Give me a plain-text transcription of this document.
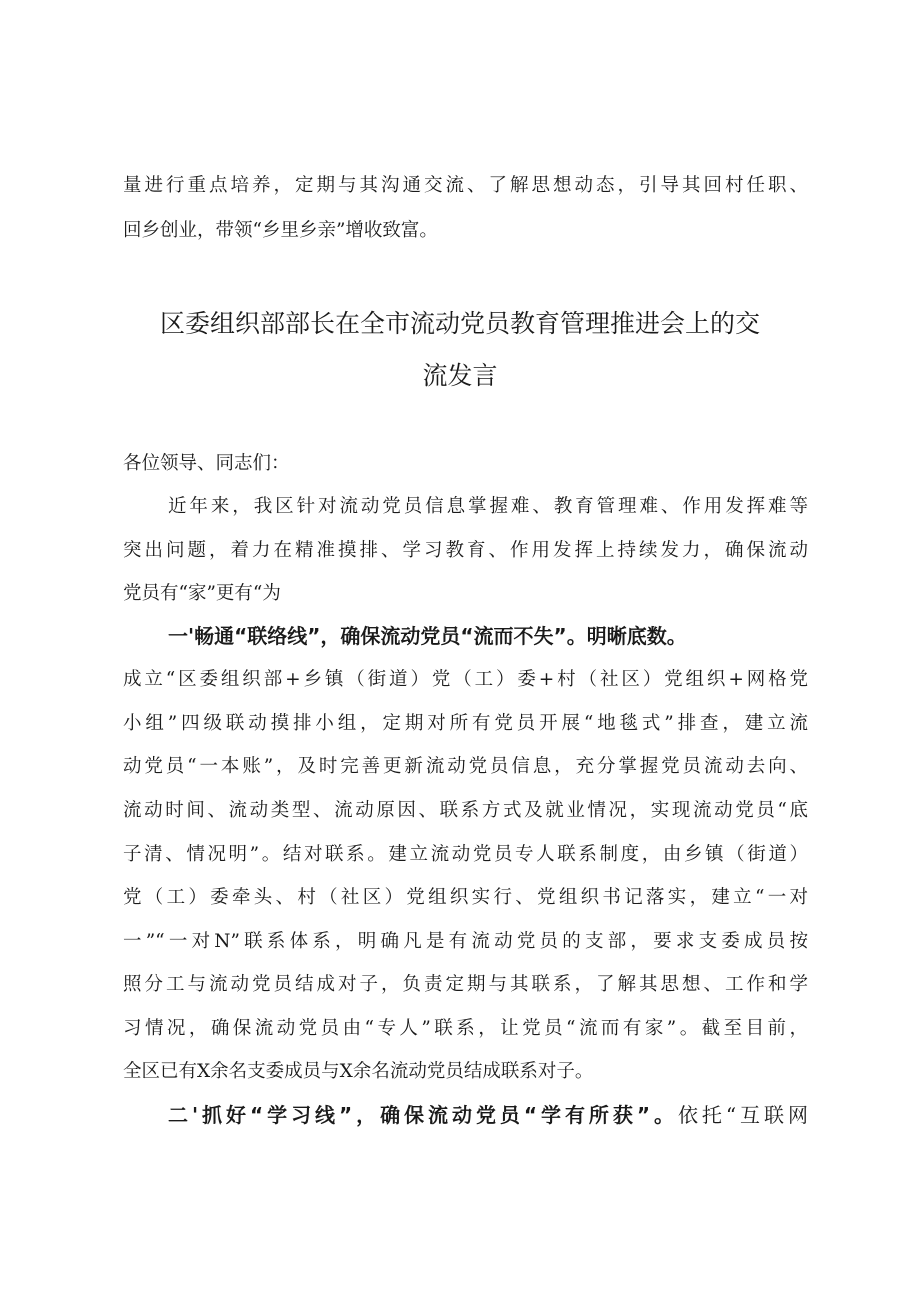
量进行重点培养，定期与其沟通交流、了解思想动态，引导其回村任职、
回乡创业，带领“乡里乡亲”增收致富。
区委组织部部长在全市流动党员教育管理推进会上的交
流发言
各位领导、同志们：
近年来，我区针对流动党员信息掌握难、教育管理难、作用发挥难等
突出问题，着力在精准摸排、学习教育、作用发挥上持续发力，确保流动
党员有“家”更有“为
一'畅通“联络线”，确保流动党员“流而不失”。明晰底数。
成立“区委组织部+乡镇（街道）党（工）委+村（社区）党组织+网格党
小组”四级联动摸排小组，定期对所有党员开展“地毯式”排查，建立流
动党员“一本账”，及时完善更新流动党员信息，充分掌握党员流动去向、
流动时间、流动类型、流动原因、联系方式及就业情况，实现流动党员“底
子清、情况明”。结对联系。建立流动党员专人联系制度，由乡镇（街道）
党（工）委牵头、村（社区）党组织实行、党组织书记落实，建立“一对
一”“一对N”联系体系，明确凡是有流动党员的支部，要求支委成员按
照分工与流动党员结成对子，负责定期与其联系，了解其思想、工作和学
习情况，确保流动党员由“专人”联系，让党员“流而有家”。截至目前，
全区已有X余名支委成员与X余名流动党员结成联系对子。
二'抓好“学习线”，确保流动党员“学有所获”。依托“互联网
